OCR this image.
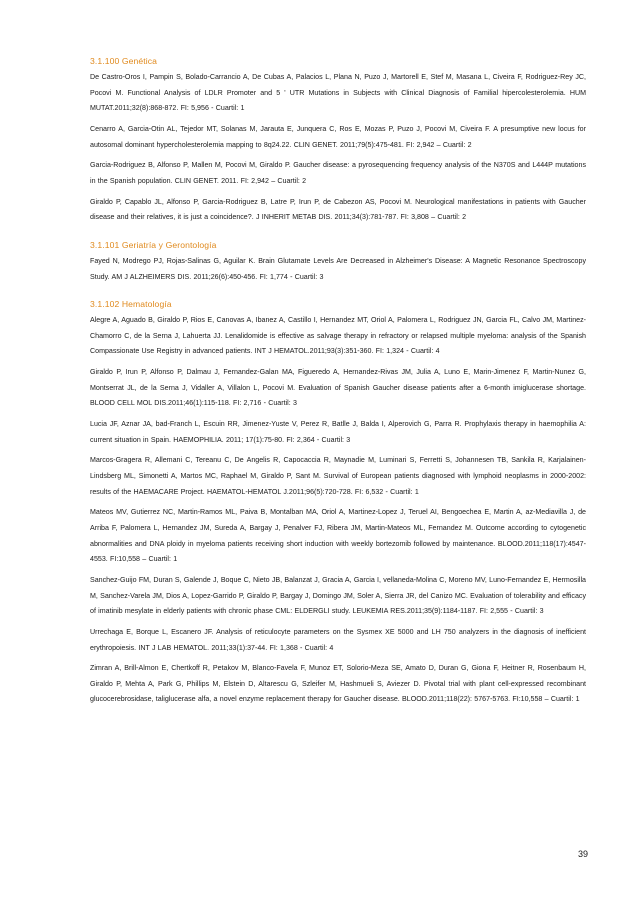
3.1.100 Genética

De Castro-Oros I, Pampin S, Bolado-Carrancio A, De Cubas A, Palacios L, Plana N, Puzo J, Martorell E, Stef M, Masana L, Civeira F, Rodriguez-Rey JC, Pocovi M. Functional Analysis of LDLR Promoter and 5 ' UTR Mutations in Subjects with Clinical Diagnosis of Familial hipercolesterolemia. HUM MUTAT.2011;32(8):868-872. FI: 5,956 - Cuartil: 1

Cenarro A, Garcia-Otin AL, Tejedor MT, Solanas M, Jarauta E, Junquera C, Ros E, Mozas P, Puzo J, Pocovi M, Civeira F. A presumptive new locus for autosomal dominant hypercholesterolemia mapping to 8q24.22. CLIN GENET. 2011;79(5):475-481. FI: 2,942 – Cuartil: 2

Garcia-Rodriguez B, Alfonso P, Mallen M, Pocovi M, Giraldo P. Gaucher disease: a pyrosequencing frequency analysis of the N370S and L444P mutations in the Spanish population. CLIN GENET. 2011. FI: 2,942 – Cuartil: 2

Giraldo P, Capablo JL, Alfonso P, Garcia-Rodriguez B, Latre P, Irun P, de Cabezon AS, Pocovi M. Neurological manifestations in patients with Gaucher disease and their relatives, it is just a coincidence?. J INHERIT METAB DIS. 2011;34(3):781-787. FI: 3,808 – Cuartil: 2

3.1.101 Geriatría y Gerontología

Fayed N, Modrego PJ, Rojas-Salinas G, Aguilar K. Brain Glutamate Levels Are Decreased in Alzheimer's Disease: A Magnetic Resonance Spectroscopy Study. AM J ALZHEIMERS DIS. 2011;26(6):450-456. FI: 1,774 - Cuartil: 3

3.1.102 Hematología

Alegre A, Aguado B, Giraldo P, Rios E, Canovas A, Ibanez A, Castillo I, Hernandez MT, Oriol A, Palomera L, Rodriguez JN, Garcia FL, Calvo JM, Martinez-Chamorro C, de la Serna J, Lahuerta JJ. Lenalidomide is effective as salvage therapy in refractory or relapsed multiple myeloma: analysis of the Spanish Compassionate Use Registry in advanced patients. INT J HEMATOL.2011;93(3):351-360. FI: 1,324 - Cuartil: 4

Giraldo P, Irun P, Alfonso P, Dalmau J, Fernandez-Galan MA, Figueredo A, Hernandez-Rivas JM, Julia A, Luno E, Marin-Jimenez F, Martin-Nunez G, Montserrat JL, de la Serna J, Vidaller A, Villalon L, Pocovi M. Evaluation of Spanish Gaucher disease patients after a 6-month imiglucerase shortage. BLOOD CELL MOL DIS.2011;46(1):115-118. FI: 2,716 - Cuartil: 3

Lucia JF, Aznar JA, bad-Franch L, Escuin RR, Jimenez-Yuste V, Perez R, Batlle J, Balda I, Alperovich G, Parra R. Prophylaxis therapy in haemophilia A: current situation in Spain. HAEMOPHILIA. 2011; 17(1):75-80. FI: 2,364 - Cuartil: 3

Marcos-Gragera R, Allemani C, Tereanu C, De Angelis R, Capocaccia R, Maynadie M, Luminari S, Ferretti S, Johannesen TB, Sankila R, Karjalainen-Lindsberg ML, Simonetti A, Martos MC, Raphael M, Giraldo P, Sant M. Survival of European patients diagnosed with lymphoid neoplasms in 2000-2002: results of the HAEMACARE Project. HAEMATOL-HEMATOL J.2011;96(5):720-728. FI: 6,532 - Cuartil: 1

Mateos MV, Gutierrez NC, Martin-Ramos ML, Paiva B, Montalban MA, Oriol A, Martinez-Lopez J, Teruel AI, Bengoechea E, Martin A, az-Mediavilla J, de Arriba F, Palomera L, Hernandez JM, Sureda A, Bargay J, Penalver FJ, Ribera JM, Martin-Mateos ML, Fernandez M. Outcome according to cytogenetic abnormalities and DNA ploidy in myeloma patients receiving short induction with weekly bortezomib followed by maintenance. BLOOD.2011;118(17):4547-4553. FI:10,558 – Cuartil: 1

Sanchez-Guijo FM, Duran S, Galende J, Boque C, Nieto JB, Balanzat J, Gracia A, Garcia I, vellaneda-Molina C, Moreno MV, Luno-Fernandez E, Hermosilla M, Sanchez-Varela JM, Dios A, Lopez-Garrido P, Giraldo P, Bargay J, Domingo JM, Soler A, Sierra JR, del Canizo MC. Evaluation of tolerability and efficacy of imatinib mesylate in elderly patients with chronic phase CML: ELDERGLI study. LEUKEMIA RES.2011;35(9):1184-1187. FI: 2,555 - Cuartil: 3

Urrechaga E, Borque L, Escanero JF. Analysis of reticulocyte parameters on the Sysmex XE 5000 and LH 750 analyzers in the diagnosis of inefficient erythropoiesis. INT J LAB HEMATOL. 2011;33(1):37-44. FI: 1,368 - Cuartil: 4

Zimran A, Brill-Almon E, Chertkoff R, Petakov M, Blanco-Favela F, Munoz ET, Solorio-Meza SE, Amato D, Duran G, Giona F, Heitner R, Rosenbaum H, Giraldo P, Mehta A, Park G, Phillips M, Elstein D, Altarescu G, Szleifer M, Hashmueli S, Aviezer D. Pivotal trial with plant cell-expressed recombinant glucocerebrosidase, taliglucerase alfa, a novel enzyme replacement therapy for Gaucher disease. BLOOD.2011;118(22): 5767-5763. FI:10,558 – Cuartil: 1

39
